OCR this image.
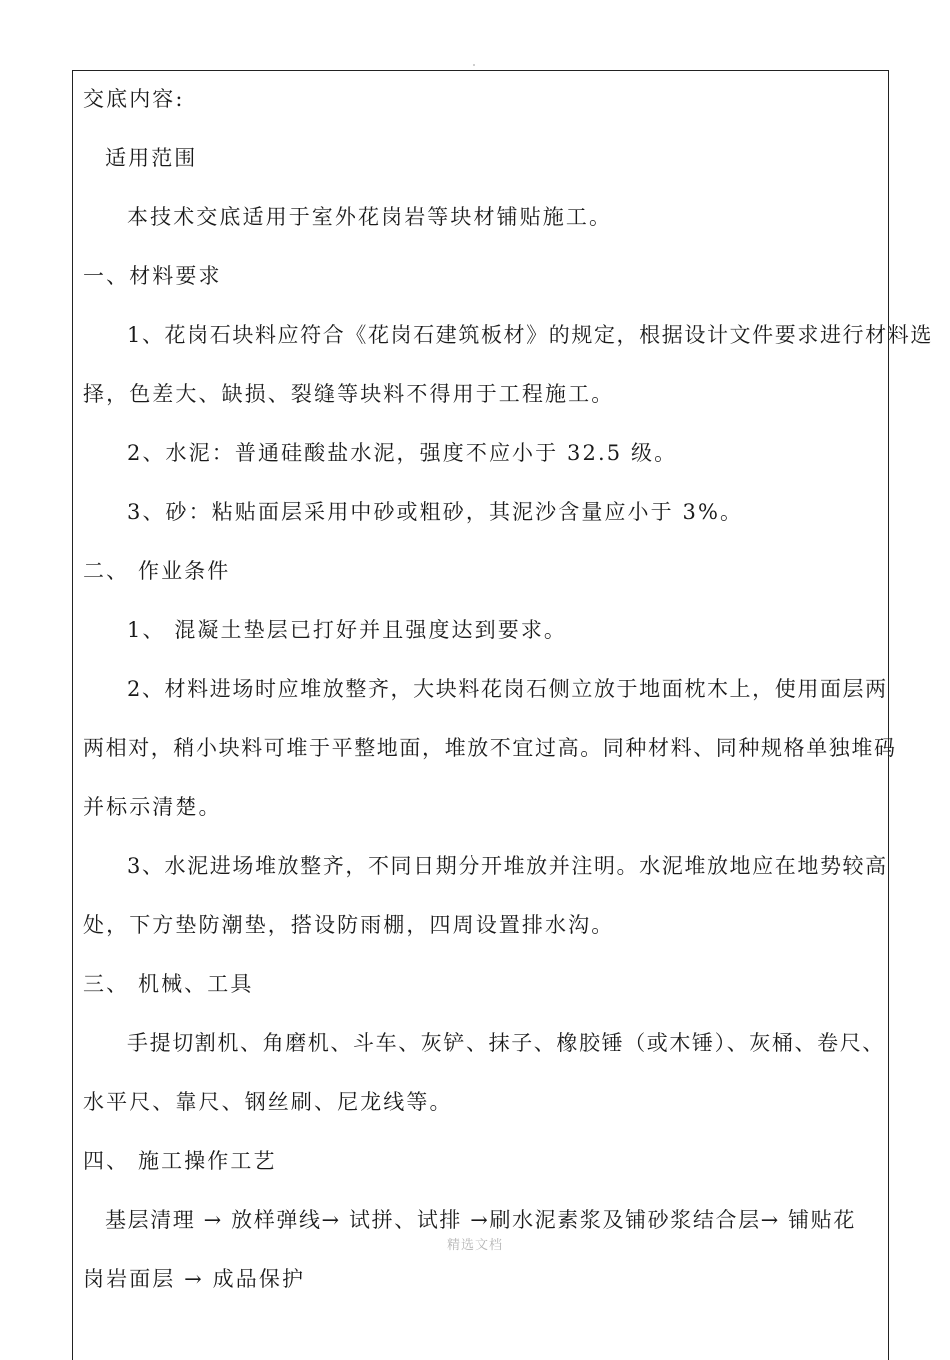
交底内容:
适用范围
本技术交底适用于室外花岗岩等块材铺贴施工。
一、材料要求
1、花岗石块料应符合《花岗石建筑板材》的规定，根据设计文件要求进行材料选
择，色差大、缺损、裂缝等块料不得用于工程施工。
2、水泥：普通硅酸盐水泥，强度不应小于 32.5 级。
3、砂：粘贴面层采用中砂或粗砂，其泥沙含量应小于 3%。
二、 作业条件
1、 混凝土垫层已打好并且强度达到要求。
2、材料进场时应堆放整齐，大块料花岗石侧立放于地面枕木上，使用面层两
两相对，稍小块料可堆于平整地面，堆放不宜过高。同种材料、同种规格单独堆码
并标示清楚。
3、水泥进场堆放整齐，不同日期分开堆放并注明。水泥堆放地应在地势较高
处，下方垫防潮垫，搭设防雨棚，四周设置排水沟。
三、 机械、工具
手提切割机、角磨机、斗车、灰铲、抹子、橡胶锤（或木锤）、灰桶、卷尺、
水平尺、靠尺、钢丝刷、尼龙线等。
四、 施工操作工艺
基层清理 → 放样弹线→ 试拼、试排 →刷水泥素浆及铺砂浆结合层→ 铺贴花
岗岩面层 → 成品保护
精选文档
